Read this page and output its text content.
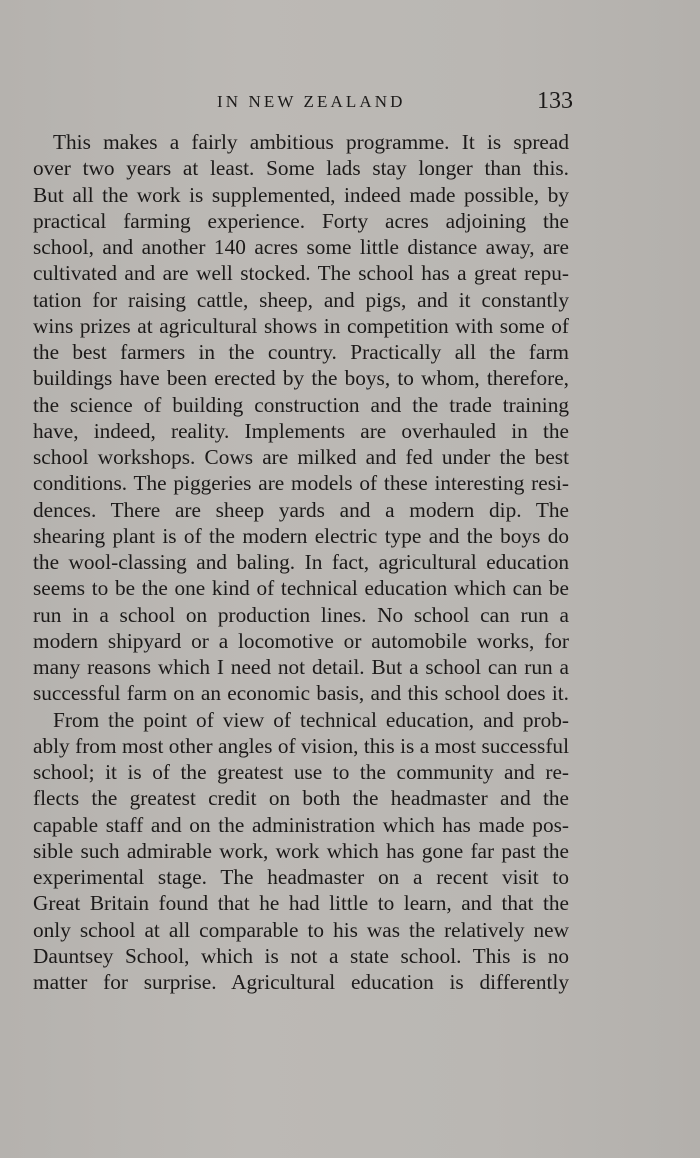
IN NEW ZEALAND	133
This makes a fairly ambitious programme. It is spread
over two years at least. Some lads stay longer than this.
But all the work is supplemented, indeed made possible, by
practical farming experience. Forty acres adjoining the
school, and another 140 acres some little distance away, are
cultivated and are well stocked. The school has a great repu-
tation for raising cattle, sheep, and pigs, and it constantly
wins prizes at agricultural shows in competition with some of
the best farmers in the country. Practically all the farm
buildings have been erected by the boys, to whom, therefore,
the science of building construction and the trade training
have, indeed, reality. Implements are overhauled in the
school workshops. Cows are milked and fed under the best
conditions. The piggeries are models of these interesting resi-
dences. There are sheep yards and a modern dip. The
shearing plant is of the modern electric type and the boys do
the wool-classing and baling. In fact, agricultural education
seems to be the one kind of technical education which can be
run in a school on production lines. No school can run a
modern shipyard or a locomotive or automobile works, for
many reasons which I need not detail. But a school can run a
successful farm on an economic basis, and this school does it.
From the point of view of technical education, and prob-
ably from most other angles of vision, this is a most successful
school; it is of the greatest use to the community and re-
flects the greatest credit on both the headmaster and the
capable staff and on the administration which has made pos-
sible such admirable work, work which has gone far past the
experimental stage. The headmaster on a recent visit to
Great Britain found that he had little to learn, and that the
only school at all comparable to his was the relatively new
Dauntsey School, which is not a state school. This is no
matter for surprise. Agricultural education is differently
